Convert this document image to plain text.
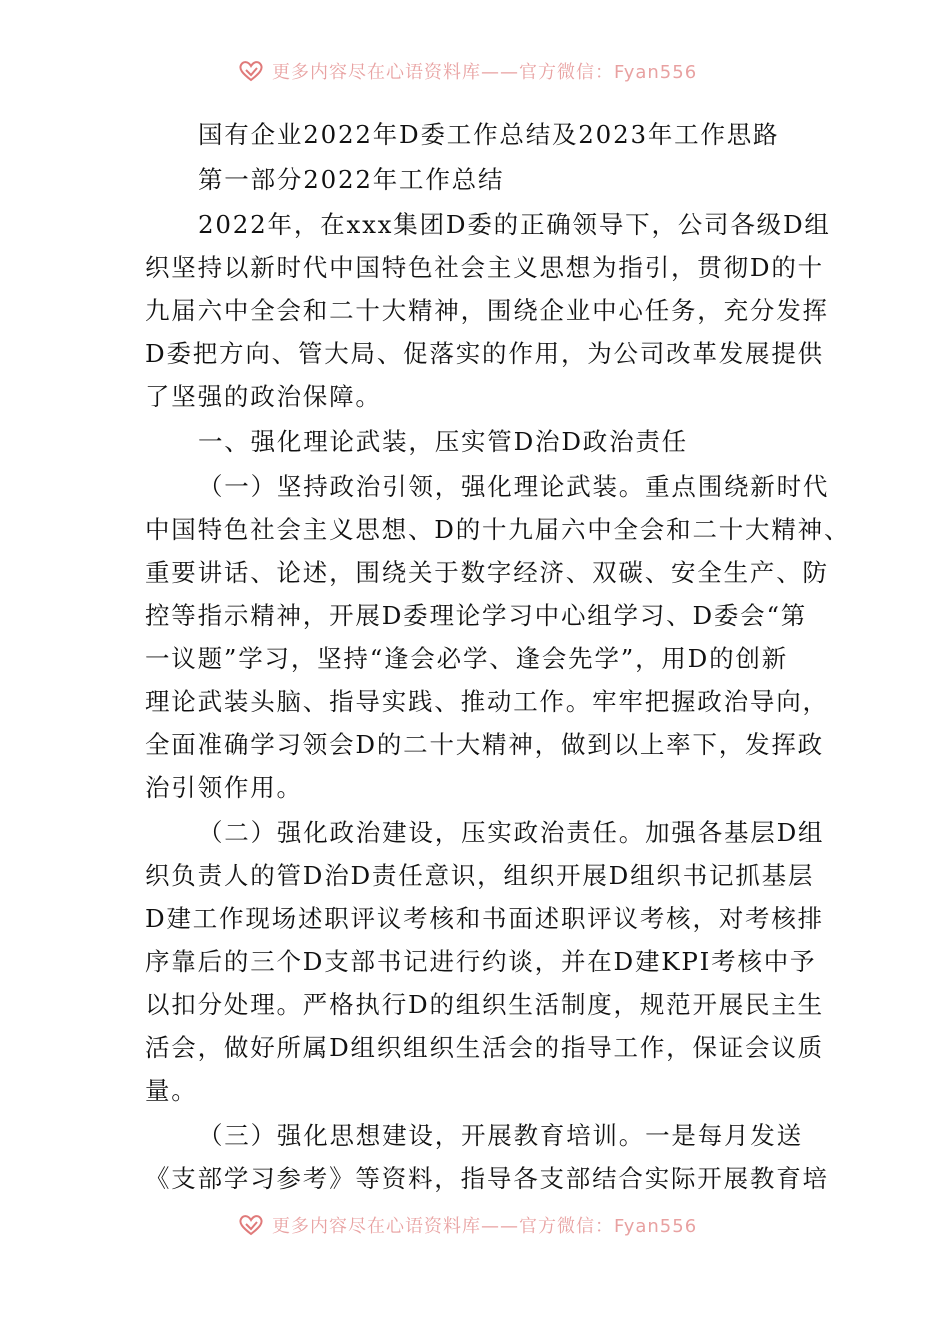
更多内容尽在心语资料库——官方微信：Fyan556
国有企业2022年D委工作总结及2023年工作思路
第一部分2022年工作总结
2022年，在xxx集团D委的正确领导下，公司各级D组
织坚持以新时代中国特色社会主义思想为指引，贯彻D的十
九届六中全会和二十大精神，围绕企业中心任务，充分发挥
D委把方向、管大局、促落实的作用，为公司改革发展提供
了坚强的政治保障。
一、强化理论武装，压实管D治D政治责任
（一）坚持政治引领，强化理论武装。重点围绕新时代
中国特色社会主义思想、D的十九届六中全会和二十大精神、
重要讲话、论述，围绕关于数字经济、双碳、安全生产、防
控等指示精神，开展D委理论学习中心组学习、D委会“第
一议题”学习，坚持“逢会必学、逢会先学”，用D的创新
理论武装头脑、指导实践、推动工作。牢牢把握政治导向，
全面准确学习领会D的二十大精神，做到以上率下，发挥政
治引领作用。
（二）强化政治建设，压实政治责任。加强各基层D组
织负责人的管D治D责任意识，组织开展D组织书记抓基层
D建工作现场述职评议考核和书面述职评议考核，对考核排
序靠后的三个D支部书记进行约谈，并在D建KPI考核中予
以扣分处理。严格执行D的组织生活制度，规范开展民主生
活会，做好所属D组织组织生活会的指导工作，保证会议质
量。
（三）强化思想建设，开展教育培训。一是每月发送
《支部学习参考》等资料，指导各支部结合实际开展教育培
更多内容尽在心语资料库——官方微信：Fyan556
